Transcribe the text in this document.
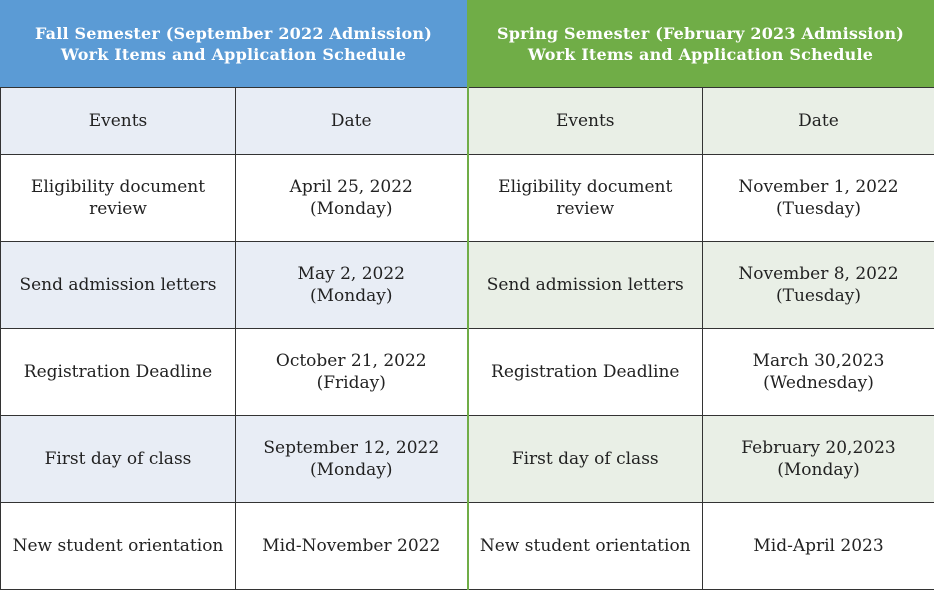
Fall Semester (September 2022 Admission)
Work Items and Application Schedule
Events	Date

Eligibility document
review	April 25, 2022
(Monday)

Send admission letters	May 2, 2022
(Monday)

Registration Deadline	October 21, 2022
(Friday)

First day of class	September 12, 2022
(Monday)

New student orientation	Mid-November 2022
Spring Semester (February 2023 Admission)
Work Items and Application Schedule
Events	Date

Eligibility document
review	November 1, 2022
(Tuesday)

Send admission letters	November 8, 2022
(Tuesday)

Registration Deadline	March 30,2023
(Wednesday)

First day of class	February 20,2023
(Monday)

New student orientation	Mid-April 2023
